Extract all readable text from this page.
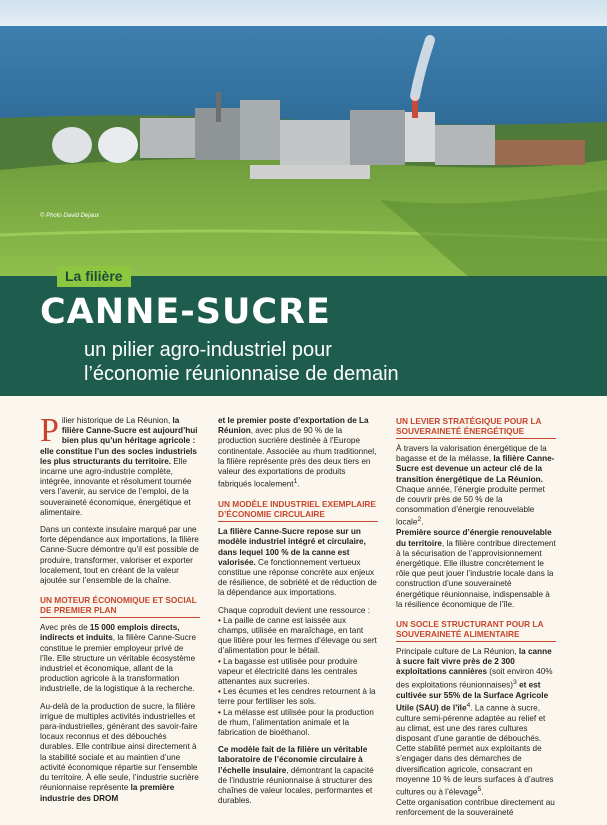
© Photo David Dejaux
La filière
CANNE-SUCRE
un pilier agro-industriel pour
l’économie réunionnaise de demain

Pilier historique de La Réunion, la filière Canne-Sucre est aujourd’hui bien plus qu’un héritage agricole : elle constitue l’un des socles industriels les plus structurants du territoire. Elle incarne une agro-industrie complète, intégrée, innovante et résolument tournée vers l’avenir, au service de l’emploi, de la souveraineté économique, énergétique et alimentaire.

Dans un contexte insulaire marqué par une forte dépendance aux importations, la filière Canne-Sucre démontre qu’il est possible de produire, transformer, valoriser et exporter localement, tout en créant de la valeur ajoutée sur l’ensemble de la chaîne.

UN MOTEUR ÉCONOMIQUE ET SOCIAL DE PREMIER PLAN

Avec près de 15 000 emplois directs, indirects et induits, la filière Canne-Sucre constitue le premier employeur privé de l’île. Elle structure un véritable écosystème industriel et économique, allant de la production agricole à la transformation industrielle, de la logistique à la recherche.

Au-delà de la production de sucre, la filière irrigue de multiples activités industrielles et para-industrielles, générant des savoir-faire locaux reconnus et des débouchés durables. Elle contribue ainsi directement à la stabilité sociale et au maintien d’une activité économique répartie sur l’ensemble du territoire. À elle seule, l’industrie sucrière réunionnaise représente la première industrie des DROM

et le premier poste d’exportation de La Réunion, avec plus de 90 % de la production sucrière destinée à l’Europe continentale. Associée au rhum traditionnel, la filière représente près des deux tiers en valeur des exportations de produits fabriqués localement$^1$.

UN MODÈLE INDUSTRIEL EXEMPLAIRE D’ÉCONOMIE CIRCULAIRE

La filière Canne-Sucre repose sur un modèle industriel intégré et circulaire, dans lequel 100 % de la canne est valorisée. Ce fonctionnement vertueux constitue une réponse concrète aux enjeux de résilience, de sobriété et de réduction de la dépendance aux importations.

Chaque coproduit devient une ressource :
• La paille de canne est laissée aux champs, utilisée en maraîchage, en tant que litière pour les fermes d’élevage ou sert d’alimentation pour le bétail.
• La bagasse est utilisée pour produire vapeur et électricité dans les centrales attenantes aux sucreries.
• Les écumes et les cendres retournent à la terre pour fertiliser les sols.

• La mélasse est utilisée pour la production de rhum, l’alimentation animale et la fabrication de bioéthanol.

Ce modèle fait de la filière un véritable laboratoire de l’économie circulaire à l’échelle insulaire, démontrant la capacité de l’industrie réunionnaise à structurer des chaînes de valeur locales, performantes et durables.

UN LEVIER STRATÉGIQUE POUR LA SOUVERAINETÉ ÉNERGÉTIQUE

À travers la valorisation énergétique de la bagasse et de la mélasse, la filière Canne-Sucre est devenue un acteur clé de la transition énergétique de La Réunion. Chaque année, l’énergie produite permet de couvrir près de 50 % de la consommation d’énergie renouvelable locale$^2$.
Première source d’énergie renouvelable du territoire, la filière contribue directement à la sécurisation de l’approvisionnement énergétique. Elle illustre concrètement le rôle que peut jouer l’industrie locale dans la construction d’une souveraineté énergétique réunionnaise, indispensable à la résilience économique de l’île.

UN SOCLE STRUCTURANT POUR LA SOUVERAINETÉ ALIMENTAIRE

Principale culture de La Réunion, la canne à sucre fait vivre près de 2 300 exploitations cannières (soit environ 40% des exploitations réunionnaises)$^3$ et est cultivée sur 55% de la Surface Agricole Utile (SAU) de l’île$^4$. La canne à sucre, culture semi-pérenne adaptée au relief et au climat, est une des rares cultures disposant d’une garantie de débouchés. Cette stabilité permet aux exploitants de s’engager dans des démarches de diversification agricole, consacrant en moyenne 10 % de leurs surfaces à d’autres cultures ou à l’élevage$^5$.
Cette organisation contribue directement au renforcement de la souveraineté
